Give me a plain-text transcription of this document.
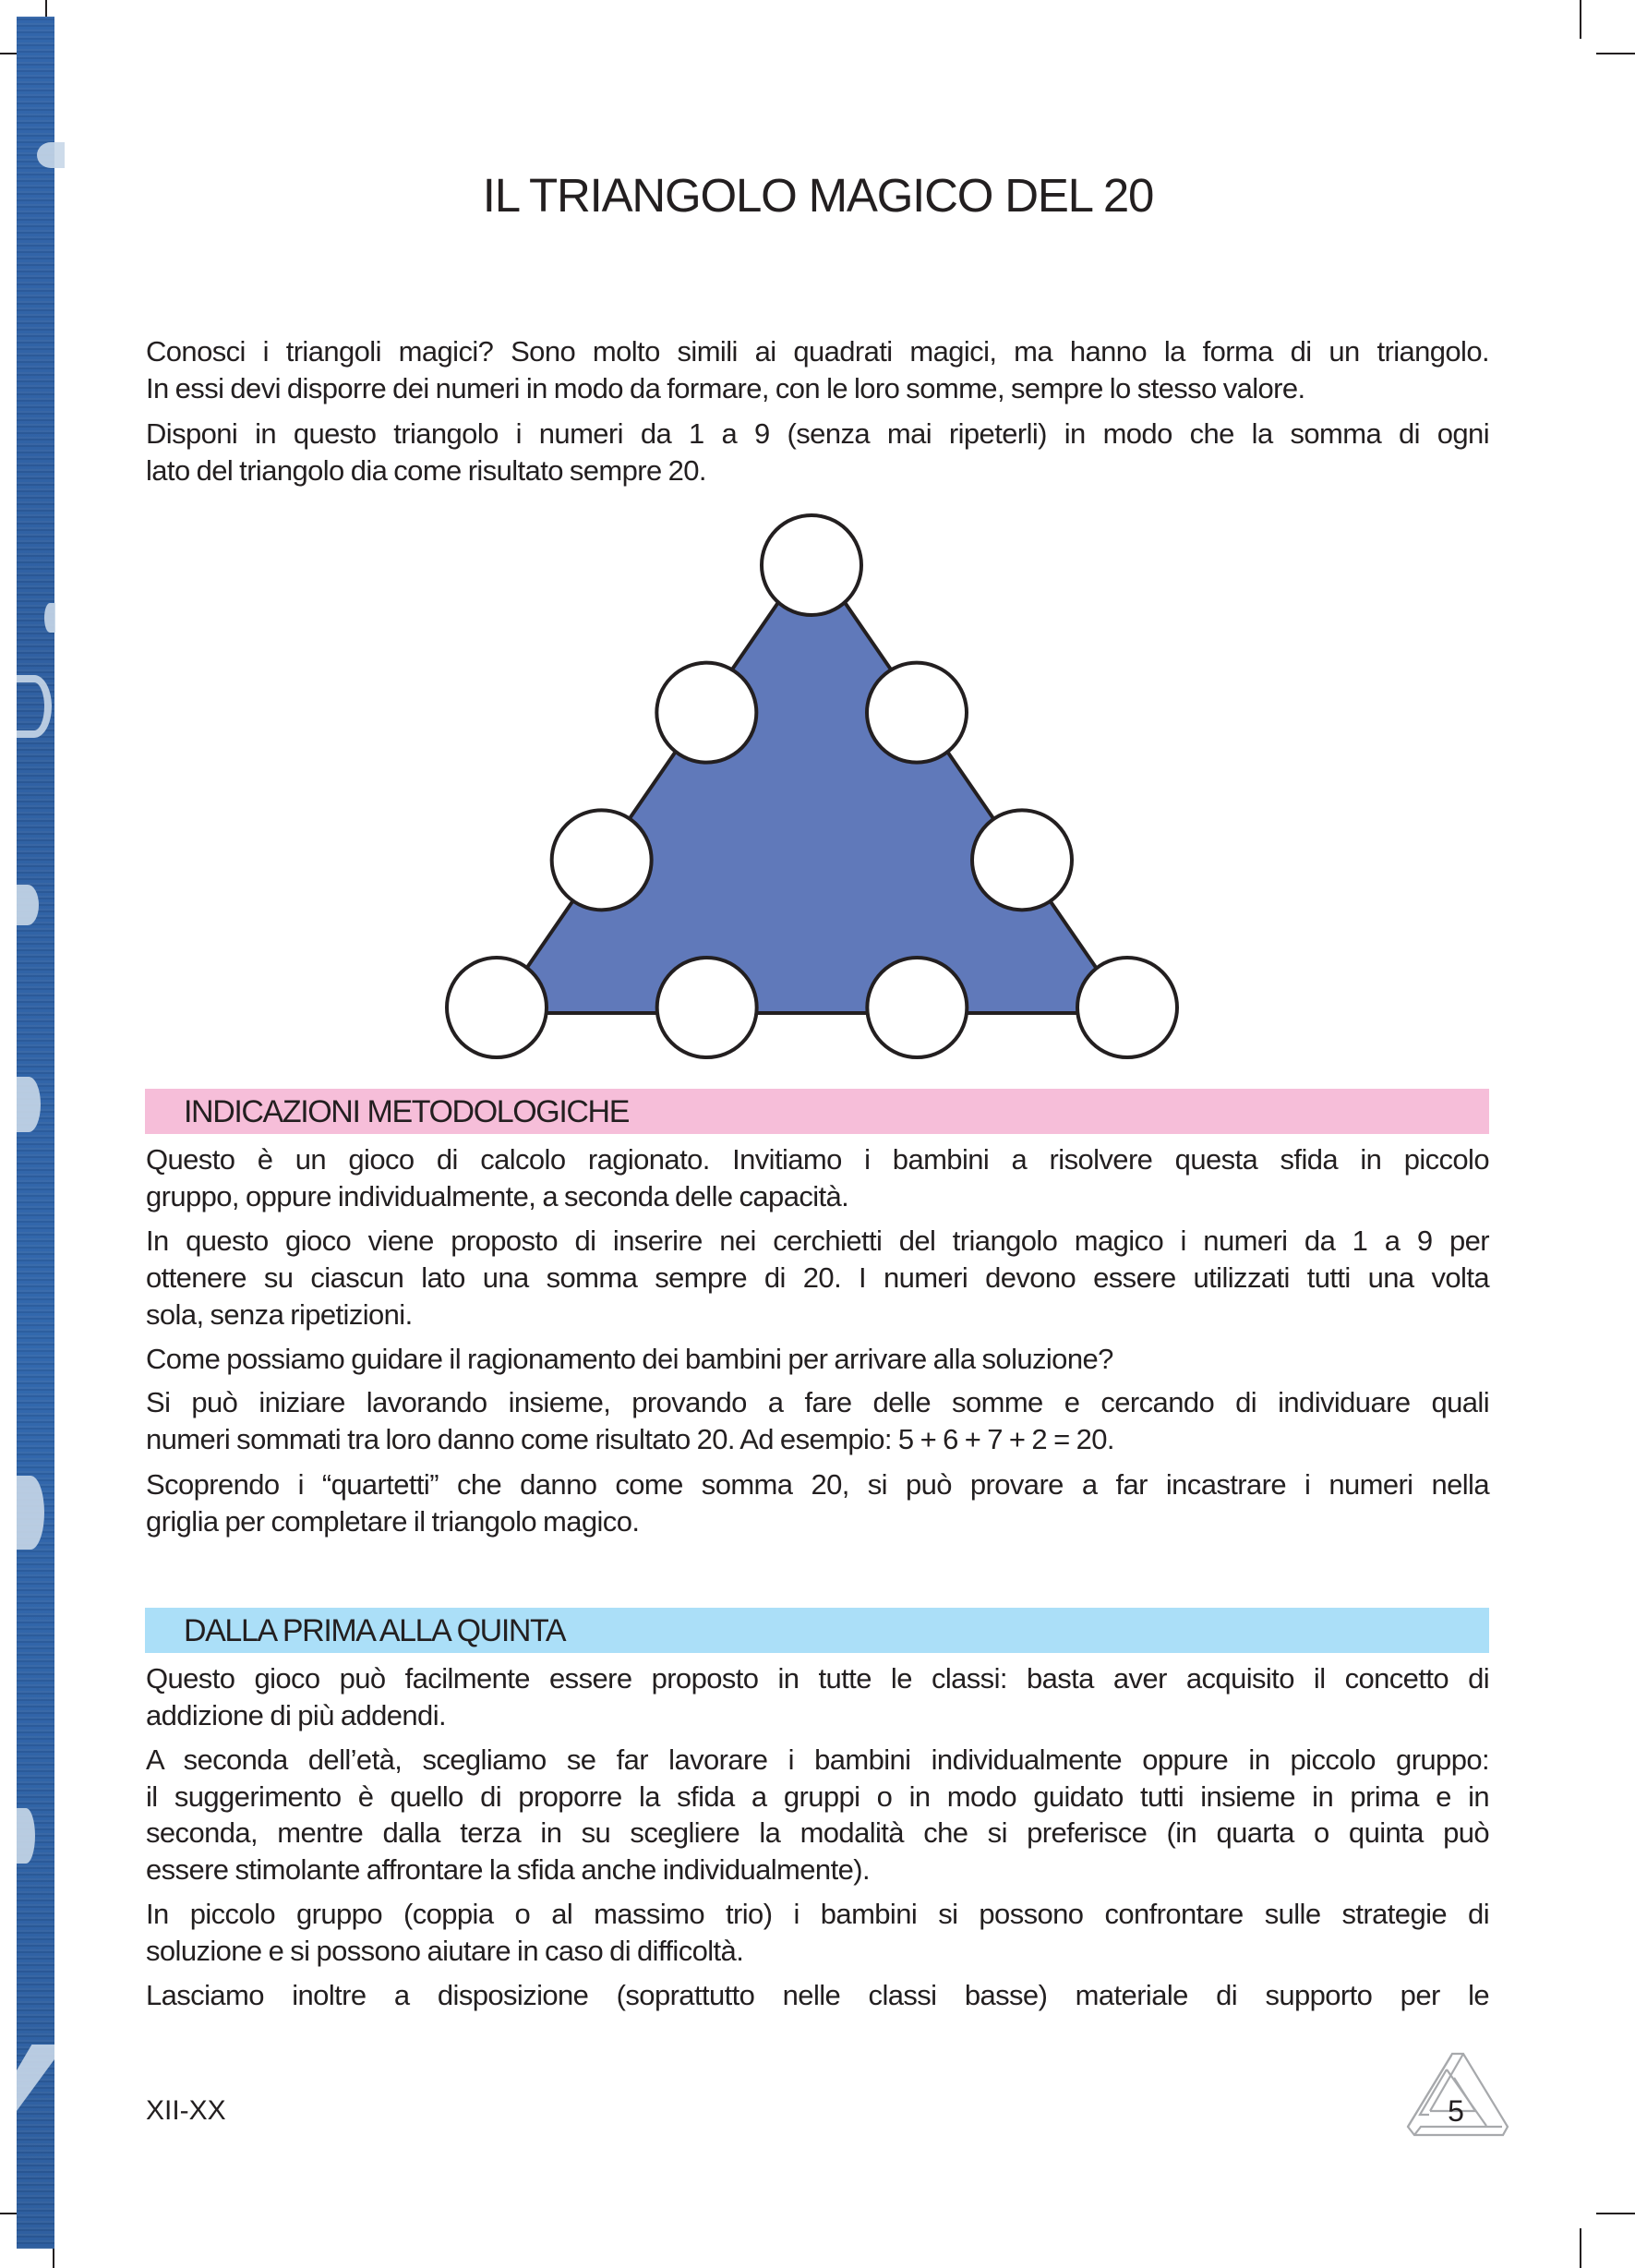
IL TRIANGOLO MAGICO DEL 20
Conosci i triangoli magici? Sono molto simili ai quadrati magici, ma hanno la forma di un triangolo.
In essi devi disporre dei numeri in modo da formare, con le loro somme, sempre lo stesso valore.
Disponi in questo triangolo i numeri da 1 a 9 (senza mai ripeterli) in modo che la somma di ogni
lato del triangolo dia come risultato sempre 20.
INDICAZIONI METODOLOGICHE
Questo è un gioco di calcolo ragionato. Invitiamo i bambini a risolvere questa sfida in piccolo
gruppo, oppure individualmente, a seconda delle capacità.
In questo gioco viene proposto di inserire nei cerchietti del triangolo magico i numeri da 1 a 9 per
ottenere su ciascun lato una somma sempre di 20. I numeri devono essere utilizzati tutti una volta
sola, senza ripetizioni.
Come possiamo guidare il ragionamento dei bambini per arrivare alla soluzione?
Si può iniziare lavorando insieme, provando a fare delle somme e cercando di individuare quali
numeri sommati tra loro danno come risultato 20. Ad esempio: 5 + 6 + 7 + 2 = 20.
Scoprendo i “quartetti” che danno come somma 20, si può provare a far incastrare i numeri nella
griglia per completare il triangolo magico.
DALLA PRIMA ALLA QUINTA
Questo gioco può facilmente essere proposto in tutte le classi: basta aver acquisito il concetto di
addizione di più addendi.
A seconda dell’età, scegliamo se far lavorare i bambini individualmente oppure in piccolo gruppo:
il suggerimento è quello di proporre la sfida a gruppi o in modo guidato tutti insieme in prima e in
seconda, mentre dalla terza in su scegliere la modalità che si preferisce (in quarta o quinta può
essere stimolante affrontare la sfida anche individualmente).
In piccolo gruppo (coppia o al massimo trio) i bambini si possono confrontare sulle strategie di
soluzione e si possono aiutare in caso di difficoltà.
Lasciamo inoltre a disposizione (soprattutto nelle classi basse) materiale di supporto per le
XII-XX	5
